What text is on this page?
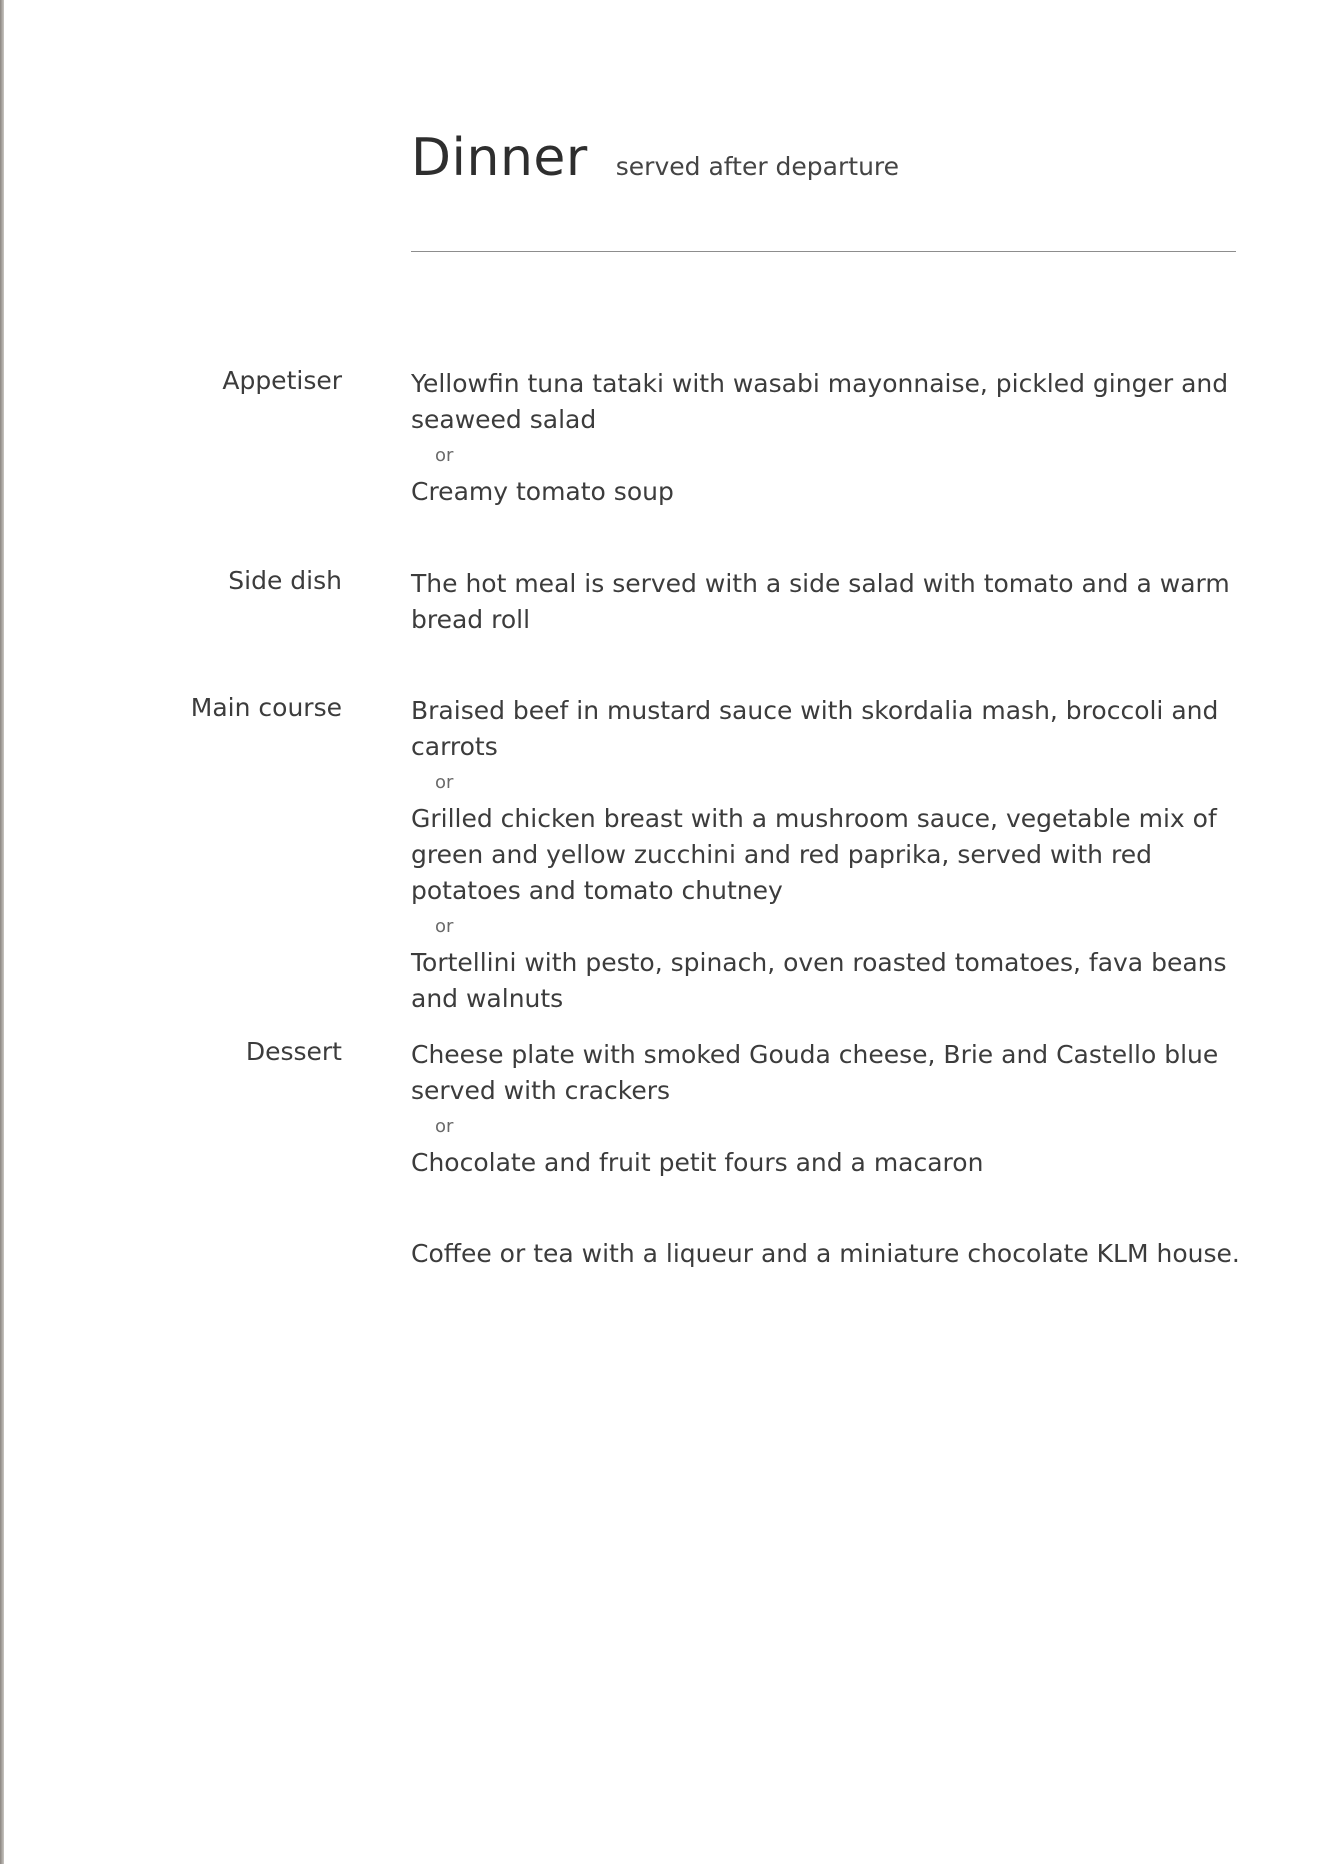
Dinner served after departure
Appetiser	Yellowfin tuna tataki with wasabi mayonnaise, pickled ginger and seaweed salad

or

Creamy tomato soup

Side dish	The hot meal is served with a side salad with tomato and a warm bread roll

Main course	Braised beef in mustard sauce with skordalia mash, broccoli and carrots

or

Grilled chicken breast with a mushroom sauce, vegetable mix of green and yellow zucchini and red paprika, served with red potatoes and tomato chutney

or

Tortellini with pesto, spinach, oven roasted tomatoes, fava beans and walnuts

Dessert	Cheese plate with smoked Gouda cheese, Brie and Castello blue served with crackers

or

Chocolate and fruit petit fours and a macaron

Coffee or tea with a liqueur and a miniature chocolate KLM house.
